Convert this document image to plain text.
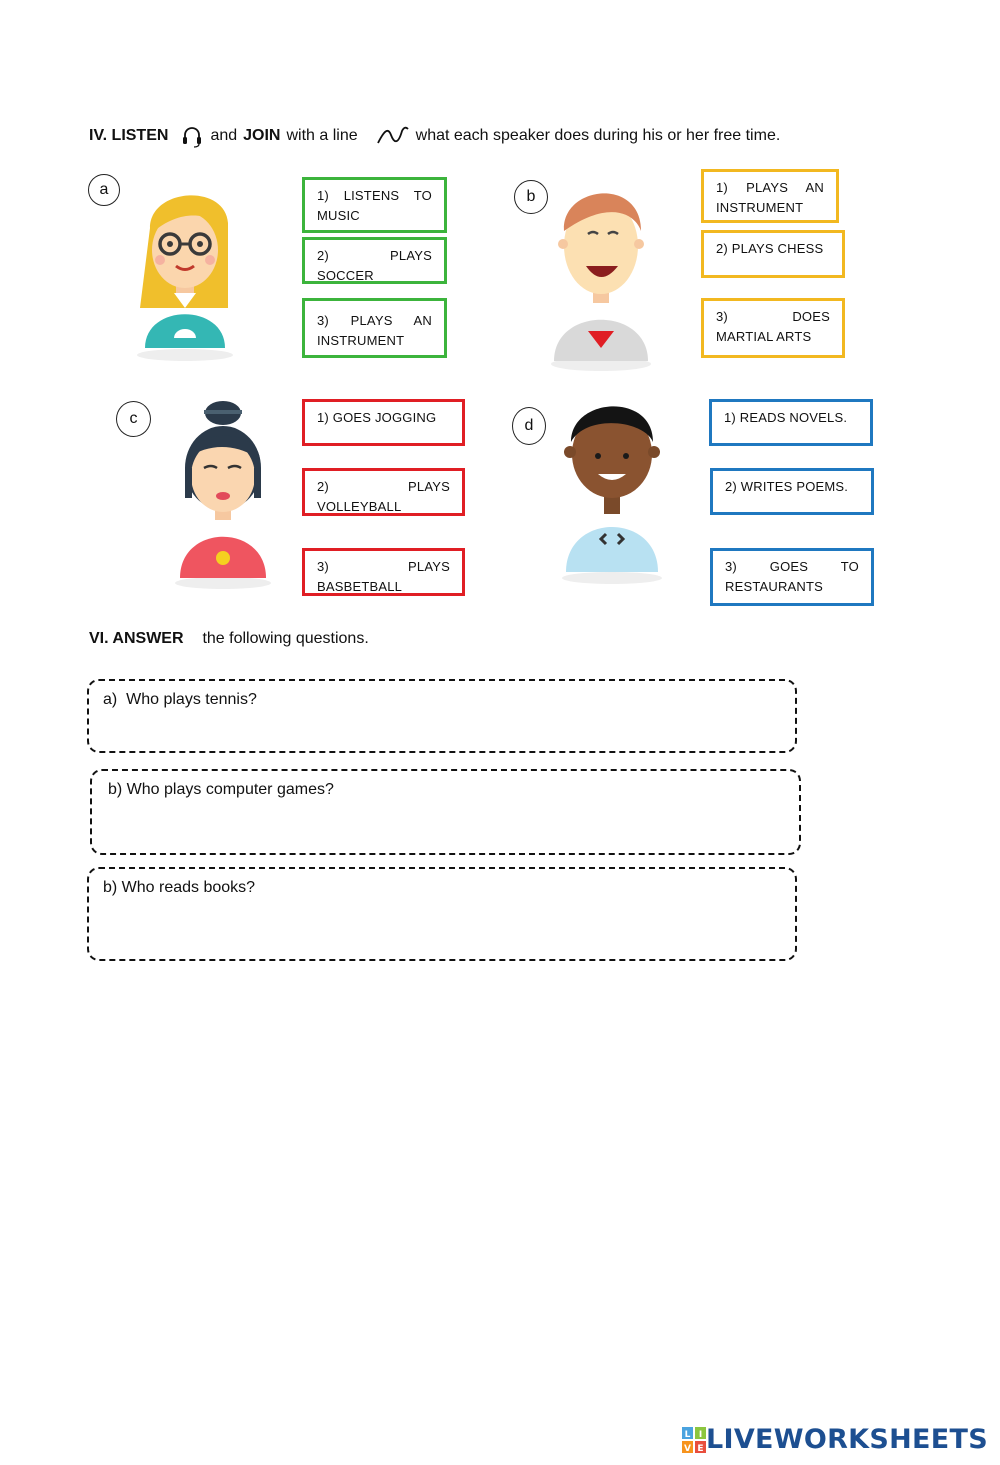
IV. LISTEN	and JOIN with a line	what each speaker does during his or her free time.
a	1) LISTENS TO MUSIC
2) PLAYS SOCCER
3) PLAYS AN INSTRUMENT
b
1) PLAYS AN INSTRUMENT
2) PLAYS CHESS
3) DOES MARTIAL ARTS
c	1) GOES JOGGING
2) PLAYS VOLLEYBALL
3) PLAYS BASBETBALL
d	1) READS NOVELS.
2) WRITES POEMS.
3) GOES TO RESTAURANTS
VI. ANSWER the following questions.
a)  Who plays tennis?
b) Who plays computer games?
b) Who reads books?
L I
V E LIVEWORKSHEETS
